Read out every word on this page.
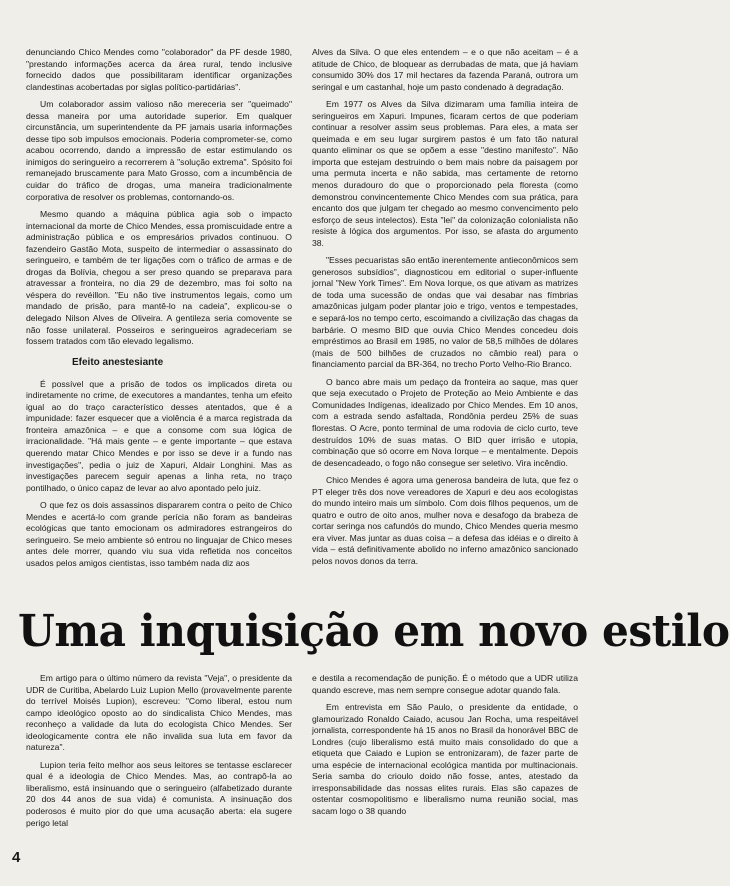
denunciando Chico Mendes como "colaborador" da PF desde 1980, "prestando informações acerca da área rural, tendo inclusive fornecido dados que possibilitaram identificar organizações clandestinas acobertadas por siglas político-partidárias".

Um colaborador assim valioso não mereceria ser "queimado" dessa maneira por uma autoridade superior. Em qualquer circunstância, um superintendente da PF jamais usaria informações desse tipo sob impulsos emocionais. Poderia comprometer-se, como acabou ocorrendo, dando a impressão de estar estimulando os inimigos do seringueiro a recorrerem à "solução extrema". Spósito foi remanejado bruscamente para Mato Grosso, com a incumbência de cuidar do tráfico de drogas, uma maneira tradicionalmente corporativa de resolver os problemas, contornando-os.

Mesmo quando a máquina pública agia sob o impacto internacional da morte de Chico Mendes, essa promiscuidade entre a administração pública e os empresários privados continuou. O fazendeiro Gastão Mota, suspeito de intermediar o assassinato do seringueiro, e também de ter ligações com o tráfico de armas e de drogas da Bolívia, chegou a ser preso quando se preparava para atravessar a fronteira, no dia 29 de dezembro, mas foi solto na véspera do revéillon. "Eu não tive instrumentos legais, como um mandado de prisão, para mantê-lo na cadeia", explicou-se o delegado Nilson Alves de Oliveira. A gentileza seria comovente se não fosse unilateral. Posseiros e seringueiros agradeceriam se fossem tratados com tão elevado legalismo.

Efeito anestesiante

É possível que a prisão de todos os implicados direta ou indiretamente no crime, de executores a mandantes, tenha um efeito igual ao do traço característico desses atentados, que é a impunidade: fazer esquecer que a violência é a marca registrada da fronteira amazônica – e que a consome com sua lógica de irracionalidade. "Há mais gente – e gente importante – que estava querendo matar Chico Mendes e por isso se deve ir a fundo nas investigações", pedia o juiz de Xapuri, Aldair Longhini. Mas as investigações parecem seguir apenas a linha reta, no traço pontilhado, o único capaz de levar ao alvo apontado pelo juiz.

O que fez os dois assassinos dispararem contra o peito de Chico Mendes e acertá-lo com grande perícia não foram as bandeiras ecológicas que tanto emocionam os admiradores estrangeiros do seringueiro. Se meio ambiente só entrou no linguajar de Chico meses antes dele morrer, quando viu sua vida refletida nos conceitos usados pelos amigos cientistas, isso também nada diz aos

Alves da Silva. O que eles entendem – e o que não aceitam – é a atitude de Chico, de bloquear as derrubadas de mata, que já haviam consumido 30% dos 17 mil hectares da fazenda Paraná, outrora um seringal e um castanhal, hoje um pasto condenado à degradação.

Em 1977 os Alves da Silva dizimaram uma família inteira de seringueiros em Xapuri. Impunes, ficaram certos de que poderiam continuar a resolver assim seus problemas. Para eles, a mata ser queimada e em seu lugar surgirem pastos é um fato tão natural quanto eliminar os que se opõem a esse "destino manifesto". Não importa que estejam destruindo o bem mais nobre da paisagem por uma permuta incerta e não sabida, mas certamente de retorno menos duradouro do que o proporcionado pela floresta (como demonstrou convincentemente Chico Mendes com sua prática, para encanto dos que julgam ter chegado ao mesmo convencimento pelo esforço de seus intelectos). Esta "lei" da colonização colonialista não resiste à lógica dos argumentos. Por isso, se afasta do argumento 38.

"Esses pecuaristas são então inerentemente antieconômicos sem generosos subsídios", diagnosticou em editorial o super-influente jornal "New York Times". Em Nova Iorque, os que ativam as matrizes de toda uma sucessão de ondas que vai desabar nas fímbrias amazônicas julgam poder plantar joio e trigo, ventos e tempestades, e separá-los no tempo certo, escoimando a civilização das chagas da barbárie. O mesmo BID que ouvia Chico Mendes concedeu dois empréstimos ao Brasil em 1985, no valor de 58,5 milhões de dólares (mais de 500 bilhões de cruzados no câmbio real) para o financiamento parcial da BR-364, no trecho Porto Velho-Rio Branco.

O banco abre mais um pedaço da fronteira ao saque, mas quer que seja executado o Projeto de Proteção ao Meio Ambiente e das Comunidades Indígenas, idealizado por Chico Mendes. Em 10 anos, com a estrada sendo asfaltada, Rondônia perdeu 25% de suas florestas. O Acre, ponto terminal de uma rodovia de ciclo curto, teve destruídos 10% de suas matas. O BID quer irrisão e utopia, combinação que só ocorre em Nova Iorque – e mentalmente. Depois de desencadeado, o fogo não consegue ser seletivo. Vira incêndio.

Chico Mendes é agora uma generosa bandeira de luta, que fez o PT eleger três dos nove vereadores de Xapuri e deu aos ecologistas do mundo inteiro mais um símbolo. Com dois filhos pequenos, um de quatro e outro de oito anos, mulher nova e desafogo da brabeza de cortar seringa nos cafundós do mundo, Chico Mendes queria mesmo era viver. Mas juntar as duas coisa – a defesa das idéias e o direito à vida – está definitivamente abolido no inferno amazônico sancionado pelos novos donos da terra.

Uma inquisição em novo estilo

Em artigo para o último número da revista "Veja", o presidente da UDR de Curitiba, Abelardo Luiz Lupion Mello (provavelmente parente do terrível Moisés Lupion), escreveu: "Como liberal, estou num campo ideológico oposto ao do sindicalista Chico Mendes, mas reconheço a validade da luta do ecologista Chico Mendes. Ser ideologicamente contra ele não invalida sua luta em favor da natureza".

Lupion teria feito melhor aos seus leitores se tentasse esclarecer qual é a ideologia de Chico Mendes. Mas, ao contrapô-la ao liberalismo, está insinuando que o seringueiro (alfabetizado durante 20 dos 44 anos de sua vida) é comunista. A insinuação dos poderosos é muito pior do que uma acusação aberta: ela sugere perigo letal

e destila a recomendação de punição. É o método que a UDR utiliza quando escreve, mas nem sempre consegue adotar quando fala.

Em entrevista em São Paulo, o presidente da entidade, o glamourizado Ronaldo Caiado, acusou Jan Rocha, uma respeitável jornalista, correspondente há 15 anos no Brasil da honorável BBC de Londres (cujo liberalismo está muito mais consolidado do que a etiqueta que Caiado e Lupion se entronizaram), de fazer parte de uma espécie de internacional ecológica mantida por multinacionais. Seria samba do crioulo doido não fosse, antes, atestado da irresponsabilidade das nossas elites rurais. Elas são capazes de ostentar cosmopolitismo e liberalismo numa reunião social, mas sacam logo o 38 quando

4
